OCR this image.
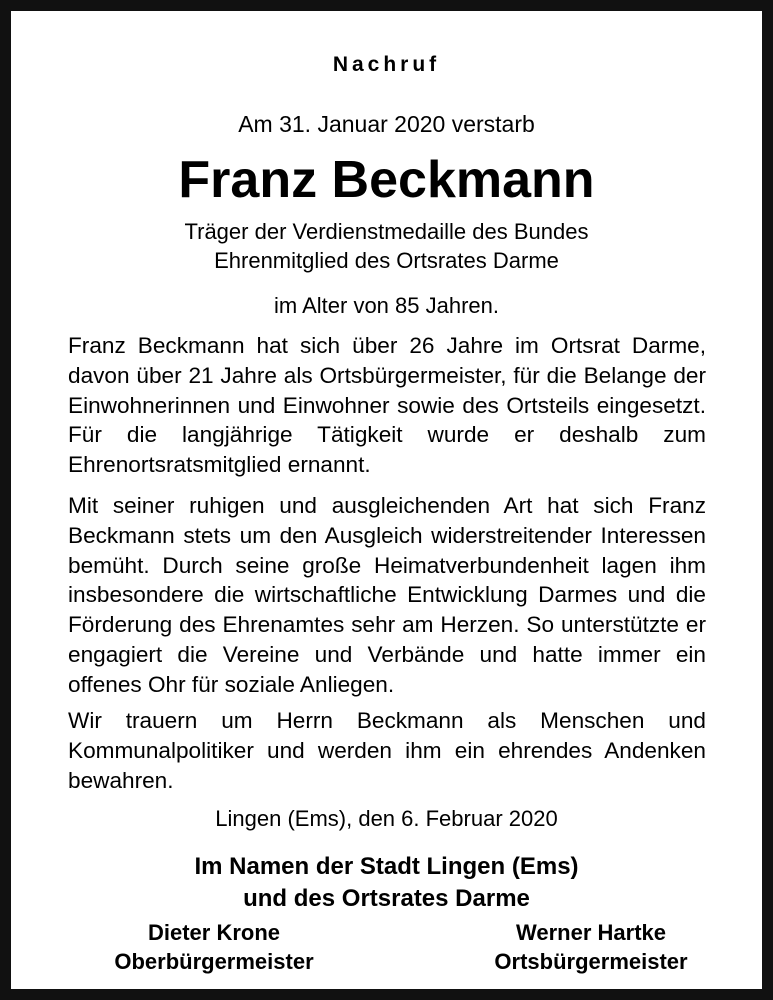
Nachruf
Am 31. Januar 2020 verstarb
Franz Beckmann
Träger der Verdienstmedaille des Bundes
Ehrenmitglied des Ortsrates Darme
im Alter von 85 Jahren.
Franz Beckmann hat sich über 26 Jahre im Ortsrat Darme, davon über 21 Jahre als Ortsbürgermeister, für die Belange der Einwohnerinnen und Einwohner sowie des Ortsteils eingesetzt. Für die langjährige Tätigkeit wurde er deshalb zum Ehrenortsratsmitglied ernannt.
Mit seiner ruhigen und ausgleichenden Art hat sich Franz Beckmann stets um den Ausgleich widerstreitender Interessen bemüht. Durch seine große Heimatverbundenheit lagen ihm insbesondere die wirtschaftliche Entwicklung Darmes und die Förderung des Ehrenamtes sehr am Herzen. So unterstützte er engagiert die Vereine und Verbände und hatte immer ein offenes Ohr für soziale Anliegen.
Wir trauern um Herrn Beckmann als Menschen und Kommunalpolitiker und werden ihm ein ehrendes Andenken bewahren.
Lingen (Ems), den 6. Februar 2020
Im Namen der Stadt Lingen (Ems)
und des Ortsrates Darme
Dieter Krone
Oberbürgermeister
Werner Hartke
Ortsbürgermeister
